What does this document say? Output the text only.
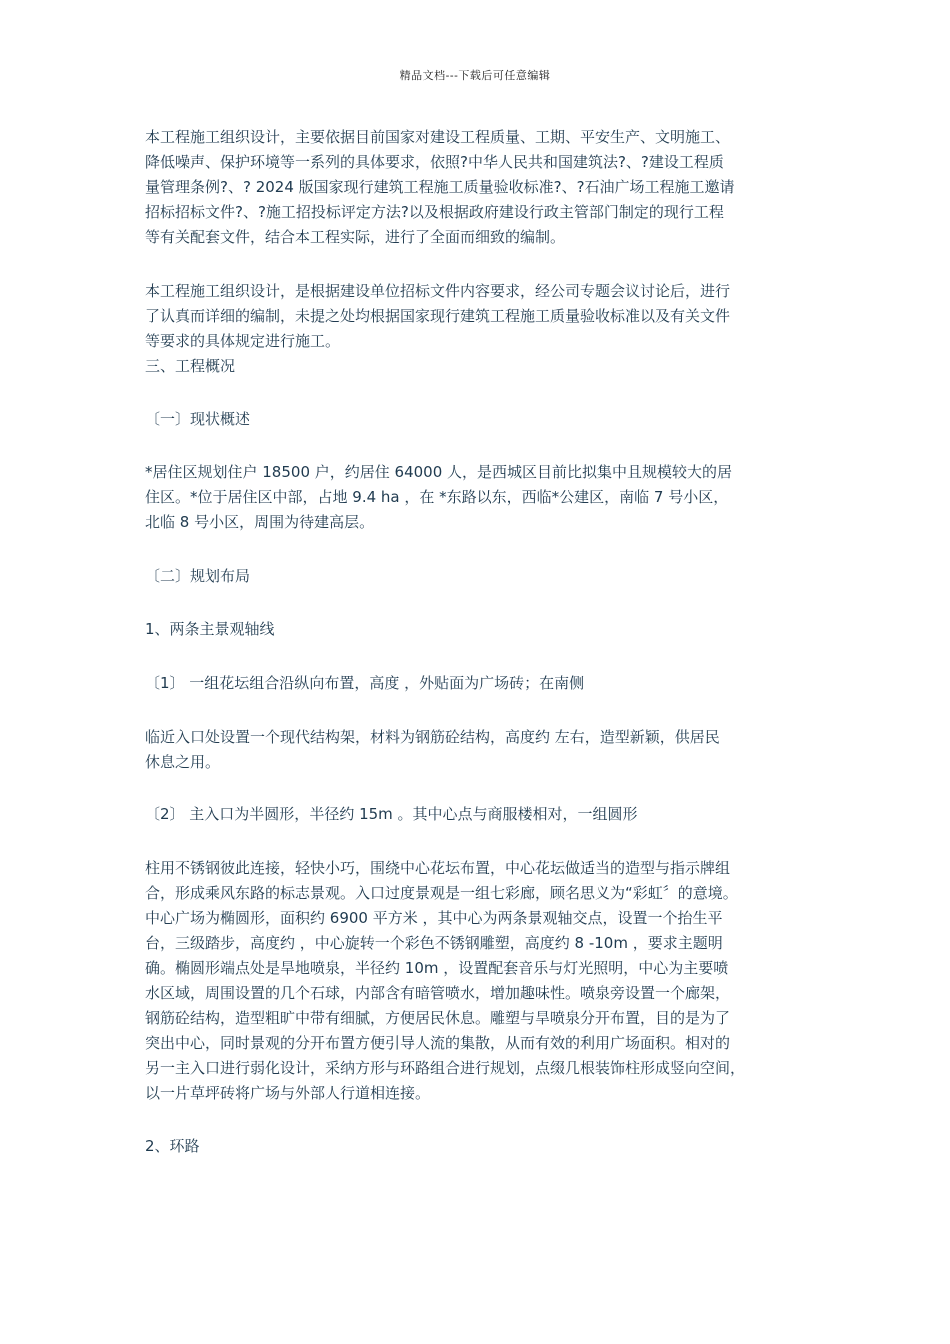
精品文档---下载后可任意编辑
本工程施工组织设计，主要依据目前国家对建设工程质量、工期、平安生产、文明施工、
降低噪声、保护环境等一系列的具体要求，依照?中华人民共和国建筑法?、?建设工程质
量管理条例?、? 2024 版国家现行建筑工程施工质量验收标准?、?石油广场工程施工邀请
招标招标文件?、?施工招投标评定方法?以及根据政府建设行政主管部门制定的现行工程
等有关配套文件，结合本工程实际，进行了全面而细致的编制。
本工程施工组织设计，是根据建设单位招标文件内容要求，经公司专题会议讨论后，进行
了认真而详细的编制，未提之处均根据国家现行建筑工程施工质量验收标准以及有关文件
等要求的具体规定进行施工。
三、工程概况
〔一〕现状概述
*居住区规划住户 18500 户，约居住 64000 人，是西城区目前比拟集中且规模较大的居
住区。*位于居住区中部，占地 9.4 ha ，在 *东路以东，西临*公建区，南临 7 号小区，
北临 8 号小区，周围为待建高层。
〔二〕规划布局
1、两条主景观轴线
〔1〕 一组花坛组合沿纵向布置，高度 ，外贴面为广场砖；在南侧
临近入口处设置一个现代结构架，材料为钢筋砼结构，高度约 左右，造型新颖，供居民
休息之用。
〔2〕 主入口为半圆形，半径约 15m 。其中心点与商服楼相对，一组圆形
柱用不锈钢彼此连接，轻快小巧，围绕中心花坛布置，中心花坛做适当的造型与指示牌组
合，形成乘风东路的标志景观。入口过度景观是一组七彩廊，顾名思义为“彩虹〞的意境。
中心广场为椭圆形，面积约 6900 平方米 ，其中心为两条景观轴交点，设置一个抬生平
台，三级踏步，高度约 ，中心旋转一个彩色不锈钢雕塑，高度约 8 -10m ，要求主题明
确。椭圆形端点处是旱地喷泉，半径约 10m ，设置配套音乐与灯光照明，中心为主要喷
水区域，周围设置的几个石球，内部含有暗管喷水，增加趣味性。喷泉旁设置一个廊架，
钢筋砼结构，造型粗旷中带有细腻，方便居民休息。雕塑与旱喷泉分开布置，目的是为了
突出中心，同时景观的分开布置方便引导人流的集散，从而有效的利用广场面积。相对的
另一主入口进行弱化设计，采纳方形与环路组合进行规划，点缀几根装饰柱形成竖向空间，
以一片草坪砖将广场与外部人行道相连接。
2、环路
